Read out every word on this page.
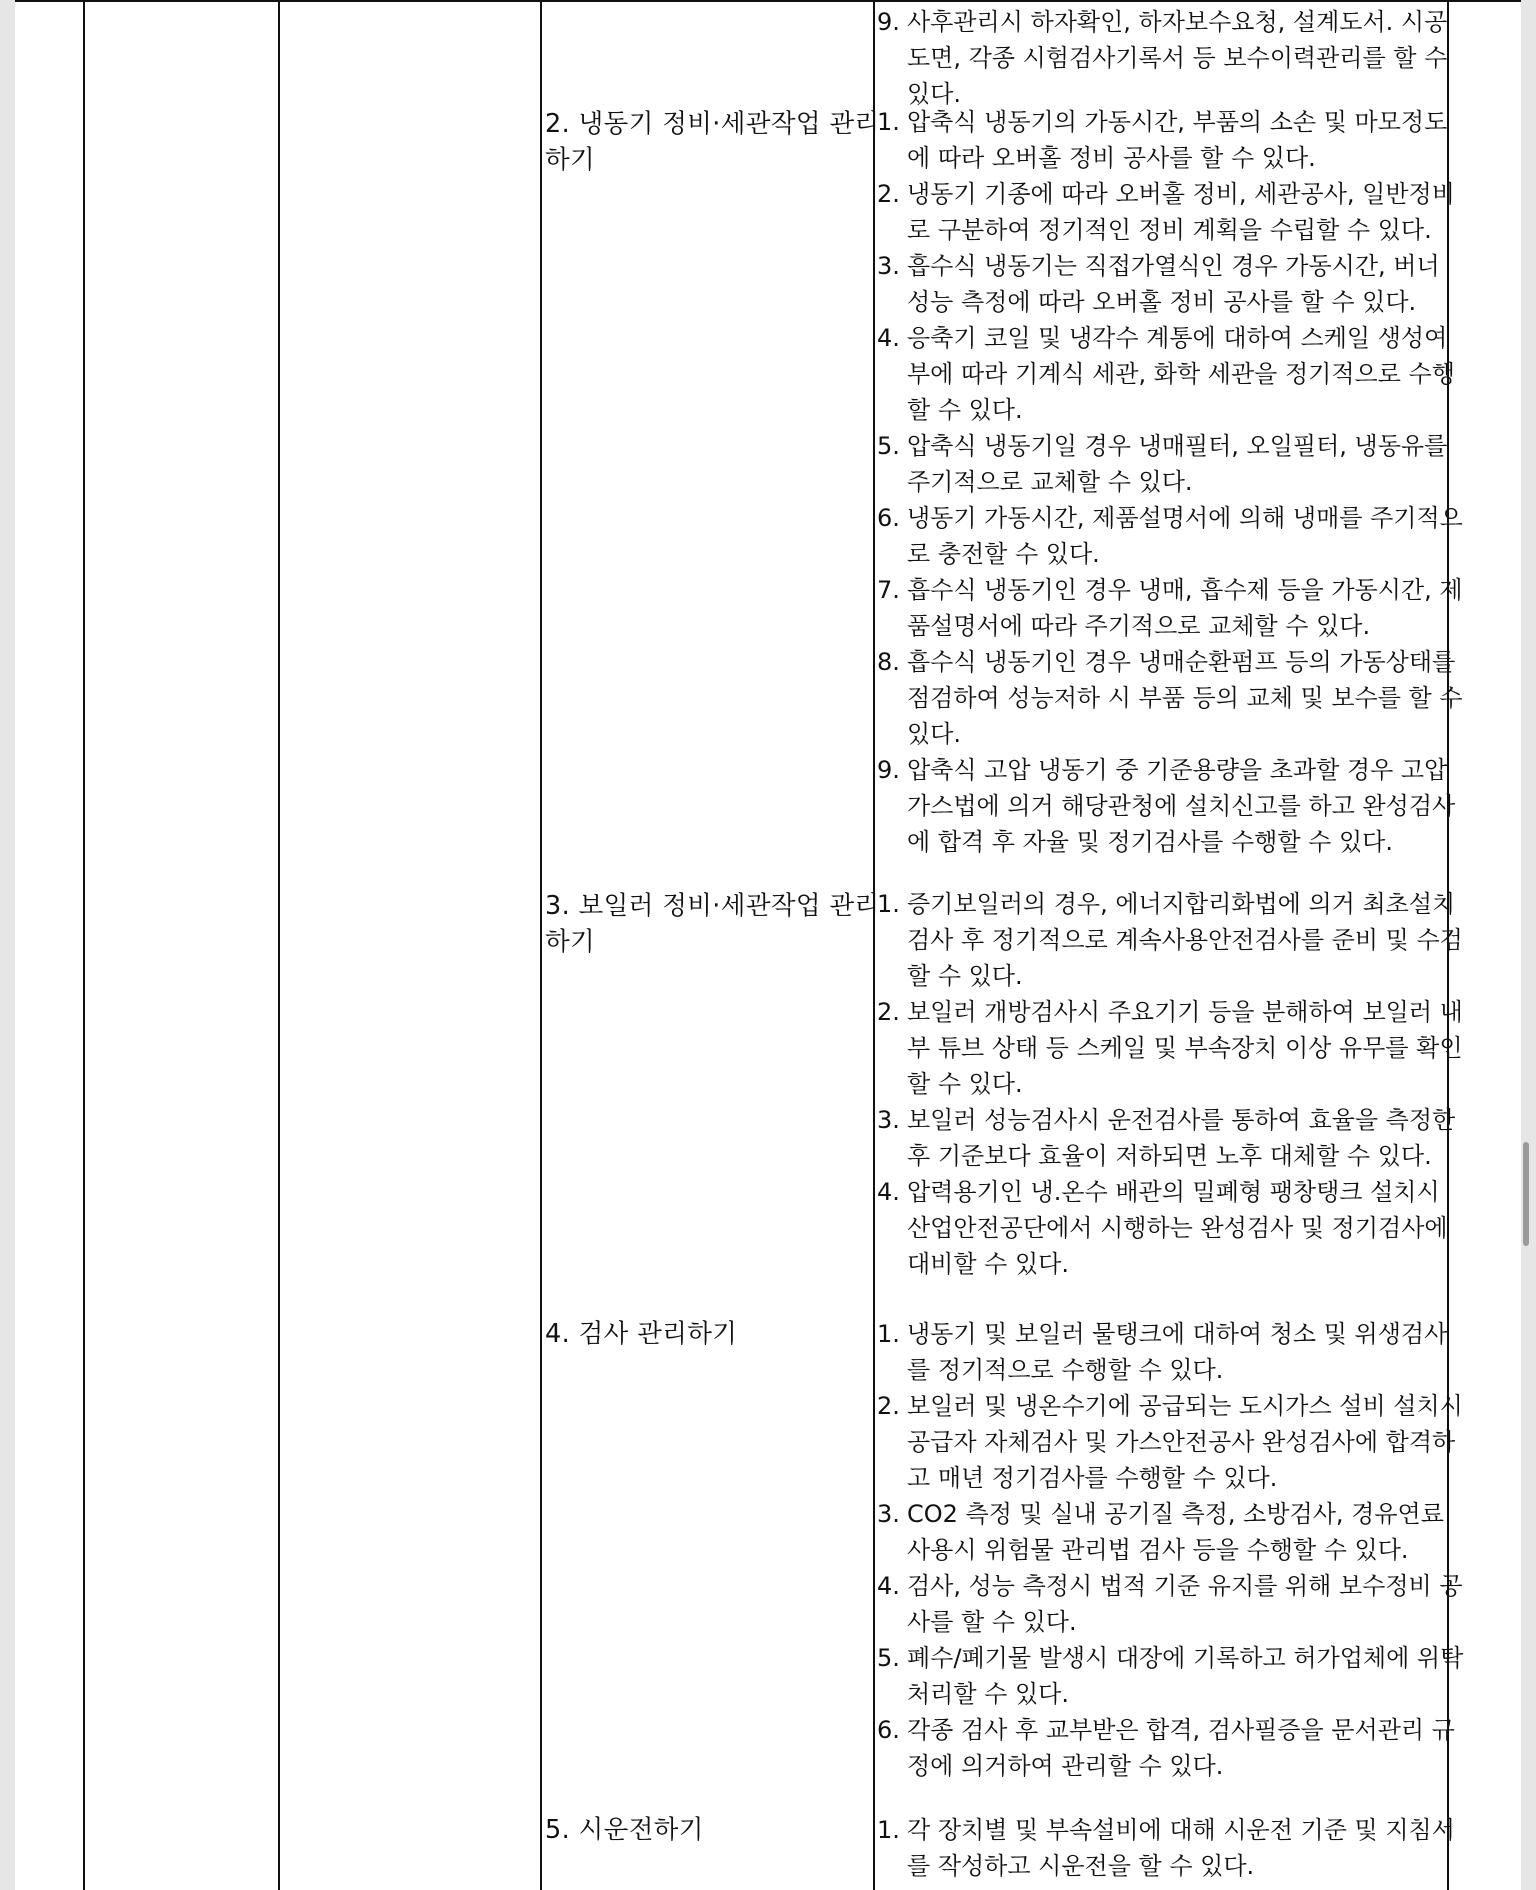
9. 사후관리시 하자확인, 하자보수요청, 설계도서. 시공도면, 각종 시험검사기록서 등 보수이력관리를 할 수 있다.
2. 냉동기 정비·세관작업 관리하기
1. 압축식 냉동기의 가동시간, 부품의 소손 및 마모정도에 따라 오버홀 정비 공사를 할 수 있다.
2. 냉동기 기종에 따라 오버홀 정비, 세관공사, 일반정비로 구분하여 정기적인 정비 계획을 수립할 수 있다.
3. 흡수식 냉동기는 직접가열식인 경우 가동시간, 버너 성능 측정에 따라 오버홀 정비 공사를 할 수 있다.
4. 응축기 코일 및 냉각수 계통에 대하여 스케일 생성여부에 따라 기계식 세관, 화학 세관을 정기적으로 수행할 수 있다.
5. 압축식 냉동기일 경우 냉매필터, 오일필터, 냉동유를 주기적으로 교체할 수 있다.
6. 냉동기 가동시간, 제품설명서에 의해 냉매를 주기적으로 충전할 수 있다.
7. 흡수식 냉동기인 경우 냉매, 흡수제 등을 가동시간, 제품설명서에 따라 주기적으로 교체할 수 있다.
8. 흡수식 냉동기인 경우 냉매순환펌프 등의 가동상태를 점검하여 성능저하 시 부품 등의 교체 및 보수를 할 수 있다.
9. 압축식 고압 냉동기 중 기준용량을 초과할 경우 고압가스법에 의거 해당관청에 설치신고를 하고 완성검사에 합격 후 자율 및 정기검사를 수행할 수 있다.
3. 보일러 정비·세관작업 관리하기
1. 증기보일러의 경우, 에너지합리화법에 의거 최초설치검사 후 정기적으로 계속사용안전검사를 준비 및 수검할 수 있다.
2. 보일러 개방검사시 주요기기 등을 분해하여 보일러 내부 튜브 상태 등 스케일 및 부속장치 이상 유무를 확인할 수 있다.
3. 보일러 성능검사시 운전검사를 통하여 효율을 측정한 후 기준보다 효율이 저하되면 노후 대체할 수 있다.
4. 압력용기인 냉.온수 배관의 밀폐형 팽창탱크 설치시 산업안전공단에서 시행하는 완성검사 및 정기검사에 대비할 수 있다.
4. 검사 관리하기	1. 냉동기 및 보일러 물탱크에 대하여 청소 및 위생검사를 정기적으로 수행할 수 있다.
2. 보일러 및 냉온수기에 공급되는 도시가스 설비 설치시 공급자 자체검사 및 가스안전공사 완성검사에 합격하고 매년 정기검사를 수행할 수 있다.
3. CO2 측정 및 실내 공기질 측정, 소방검사, 경유연료 사용시 위험물 관리법 검사 등을 수행할 수 있다.
4. 검사, 성능 측정시 법적 기준 유지를 위해 보수정비 공사를 할 수 있다.
5. 폐수/폐기물 발생시 대장에 기록하고 허가업체에 위탁처리할 수 있다.
6. 각종 검사 후 교부받은 합격, 검사필증을 문서관리 규정에 의거하여 관리할 수 있다.
5. 시운전하기	1. 각 장치별 및 부속설비에 대해 시운전 기준 및 지침서를 작성하고 시운전을 할 수 있다.
